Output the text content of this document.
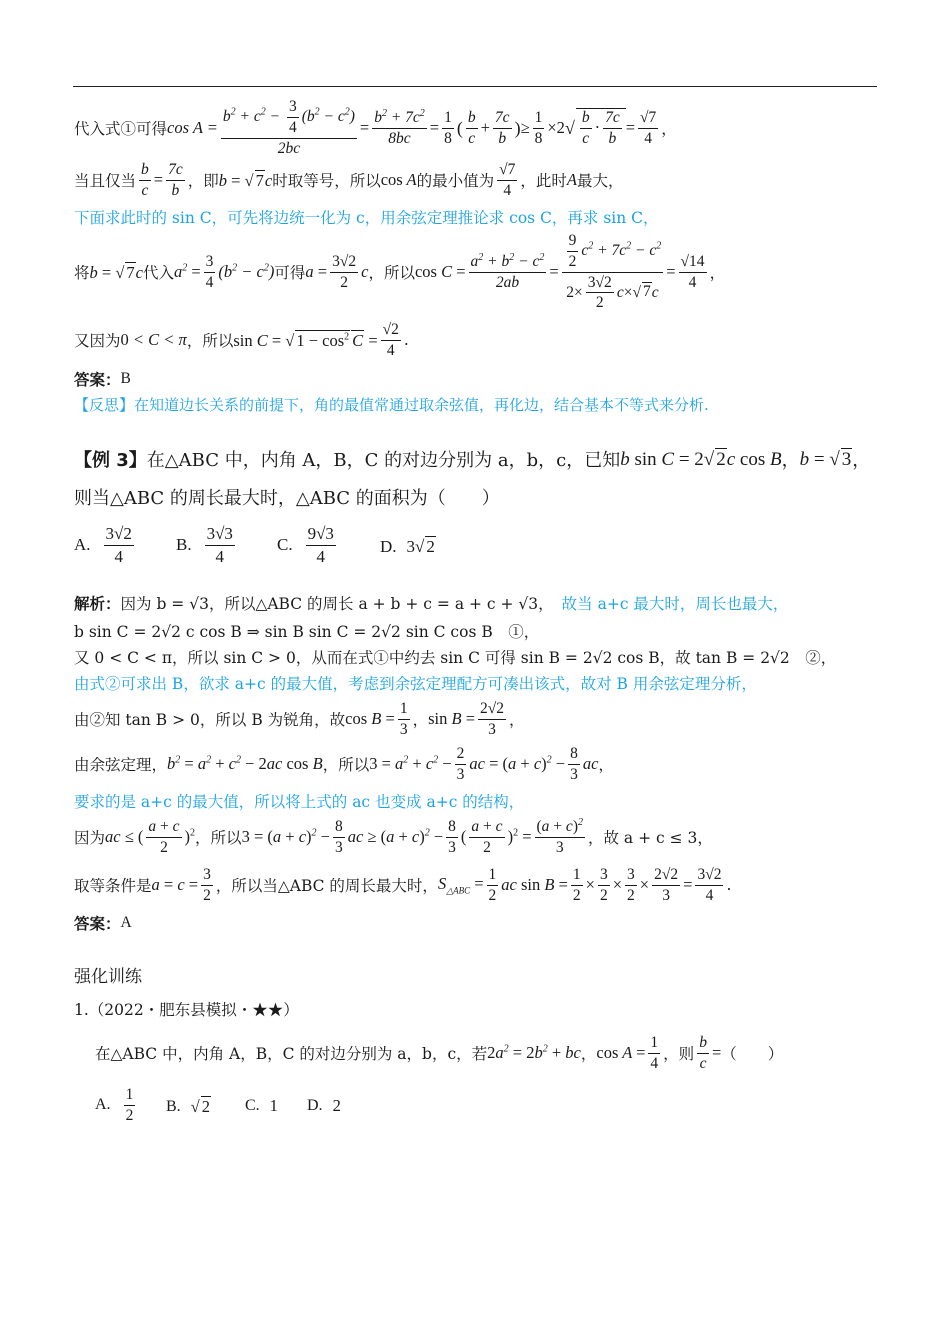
代入式①可得 $\cos A = \frac{b^2 + c^2 - \frac{3}{4} (b^2 - c^2)}{2bc} = \frac{b^2 + 7c^2}{8bc} = \frac{1}{8}$ (
b
c
+ $\frac{7c}{b}$ ) ≥ $\frac{1}{8} \times 2$ √ $\frac{b}{c} \cdot \frac{7c}{b} = \frac{√7}{4}$ ，
当且仅当 $\frac{b}{c} = \frac{7c}{b}$ ，即 b = √ 7c 时取等号，所以 cos A 的最小值为
√7
4 ，此时 A 最大，
下面求此时的 sin C，可先将边统一化为 c，用余弦定理推论求 cos C，再求 sin C，
将 b = √ 7c 代入 $a^2 = \frac{3}{4} (b^2 - c^2)$ 可得 $a = \frac{3√2}{2}$ c ，所以 $\cos C = \frac{a^2 + b^2 - c^2}{2ab} = \frac{\frac{9}{2} c^2 + 7c^2 - c^2}{2\times \frac{3√2}{2} c\times√ 7c} = \frac{√14}{4}$ ，
又因为 0 < C < π ，所以 sin C = √ $1 - \cos^2 C = \frac{√2}{4}$ .
答案： B
【反思】 在知道边长关系的前提下，角的最值常通过取余弦值，再化边，结合基本不等式来分析.
【例 3】 在△ABC 中，内角 A，B，C 的对边分别为 a，b，c，已知 b sin C = 2√ 2c cos B ， b = √ 3 ，
则当△ABC 的周长最大时，△ABC 的面积为（　　）
A.
3√2
4
B.
3√3
4
C.
9√3
4
D. 3√ 2
解析： 因为 b = √3，所以△ABC 的周长 a + b + c = a + c + √3， 故当 a+c 最大时，周长也最大，
b sin C = 2√2 c cos B ⇒ sin B sin C = 2√2 sin C cos B　①，
又 0 < C < π，所以 sin C > 0，从而在式①中约去 sin C 可得 sin B = 2√2 cos B，故 tan B = 2√2　②，
由式②可求出 B，欲求 a+c 的最大值，考虑到余弦定理配方可凑出该式，故对 B 用余弦定理分析，
由②知 tan B > 0，所以 B 为锐角，故 $\cos B = \frac{1}{3}$ ， $\sin B = \frac{2√2}{3}$ ，
由余弦定理， $b^2 = a^2 + c^2 - 2ac$ cos B ，所以 $3 = a^2 + c^2 - \frac{2}{3}$ ac = $(a + c)^2 - \frac{8}{3}$ ac ，
要求的是 a+c 的最大值，所以将上式的 ac 也变成 a+c 的结构，
因为 ac ≤ (
a + c
2
)$^2$ ，所以 $3 = (a + c)^2 - \frac{8}{3}$ ac ≥ $(a + c)^2 - \frac{8}{3}$ (
a + c
2
)$^2 = \frac{(a + c)^2}{3}$ ，故 a + c ≤ 3，
取等条件是 $a = c = \frac{3}{2}$ ，所以当△ABC 的周长最大时， $S_{\triangle ABC} = \frac{1}{2}$ ac $\sin B = \frac{1}{2} \times \frac{3}{2} \times \frac{3}{2} \times \frac{2√2}{3} = \frac{3√2}{4}$ .
答案： A
强化训练
1.（2022・肥东县模拟・★★）
在△ABC 中，内角 A，B，C 的对边分别为 a，b，c，若 $2a^2 = 2b^2$ + bc ， $\cos A = \frac{1}{4}$ ，则 $\frac{b}{c}$ = （　　）
A.
1
2
B. √ 2 C. 1 D. 2
